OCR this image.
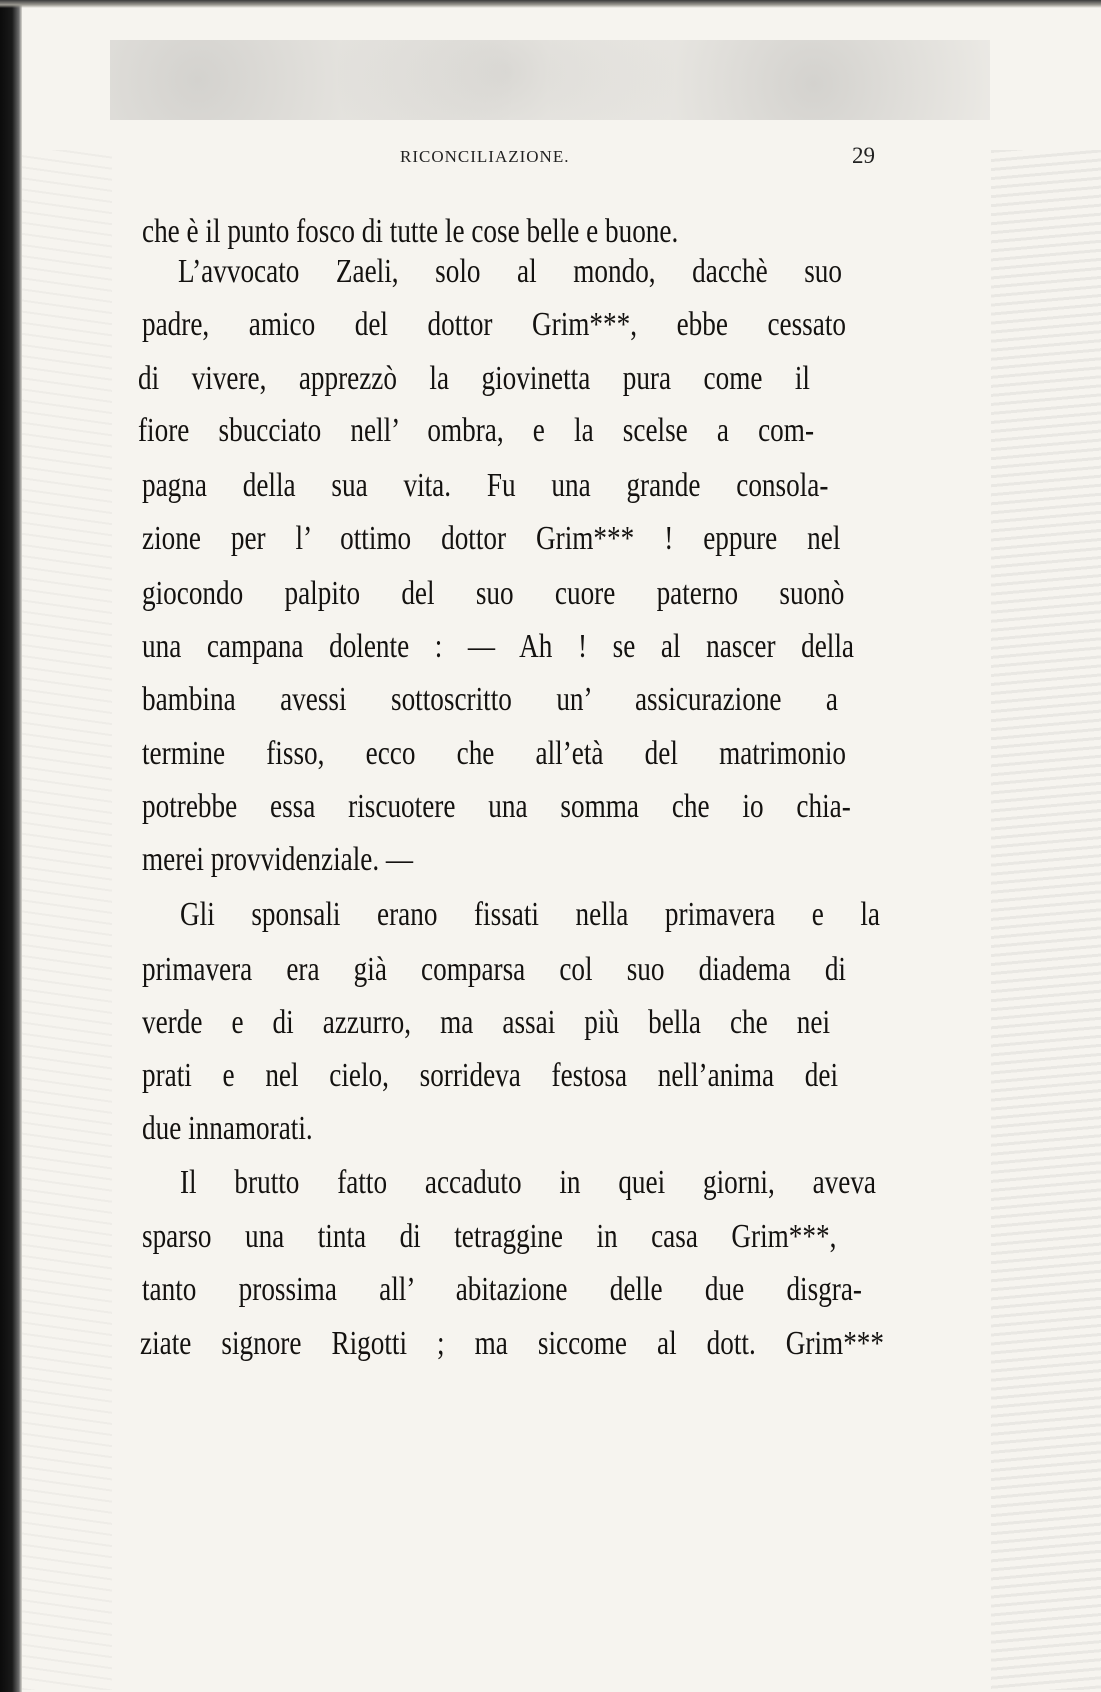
RICONCILIAZIONE.	29
che è il punto fosco di tutte le cose belle e buone.
L’avvocato Zaeli, solo al mondo, dacchè suo
padre, amico del dottor Grim***, ebbe cessato
di vivere, apprezzò la giovinetta pura come il
fiore sbucciato nell’ ombra, e la scelse a com-
pagna della sua vita. Fu una grande consola-
zione per l’ ottimo dottor Grim*** ! eppure nel
giocondo palpito del suo cuore paterno suonò
una campana dolente : — Ah ! se al nascer della
bambina avessi sottoscritto un’ assicurazione a
termine fisso, ecco che all’età del matrimonio
potrebbe essa riscuotere una somma che io chia-
merei provvidenziale. —
Gli sponsali erano fissati nella primavera e la
primavera era già comparsa col suo diadema di
verde e di azzurro, ma assai più bella che nei
prati e nel cielo, sorrideva festosa nell’anima dei
due innamorati.
Il brutto fatto accaduto in quei giorni, aveva
sparso una tinta di tetraggine in casa Grim***,
tanto prossima all’ abitazione delle due disgra-
ziate signore Rigotti ; ma siccome al dott. Grim***
